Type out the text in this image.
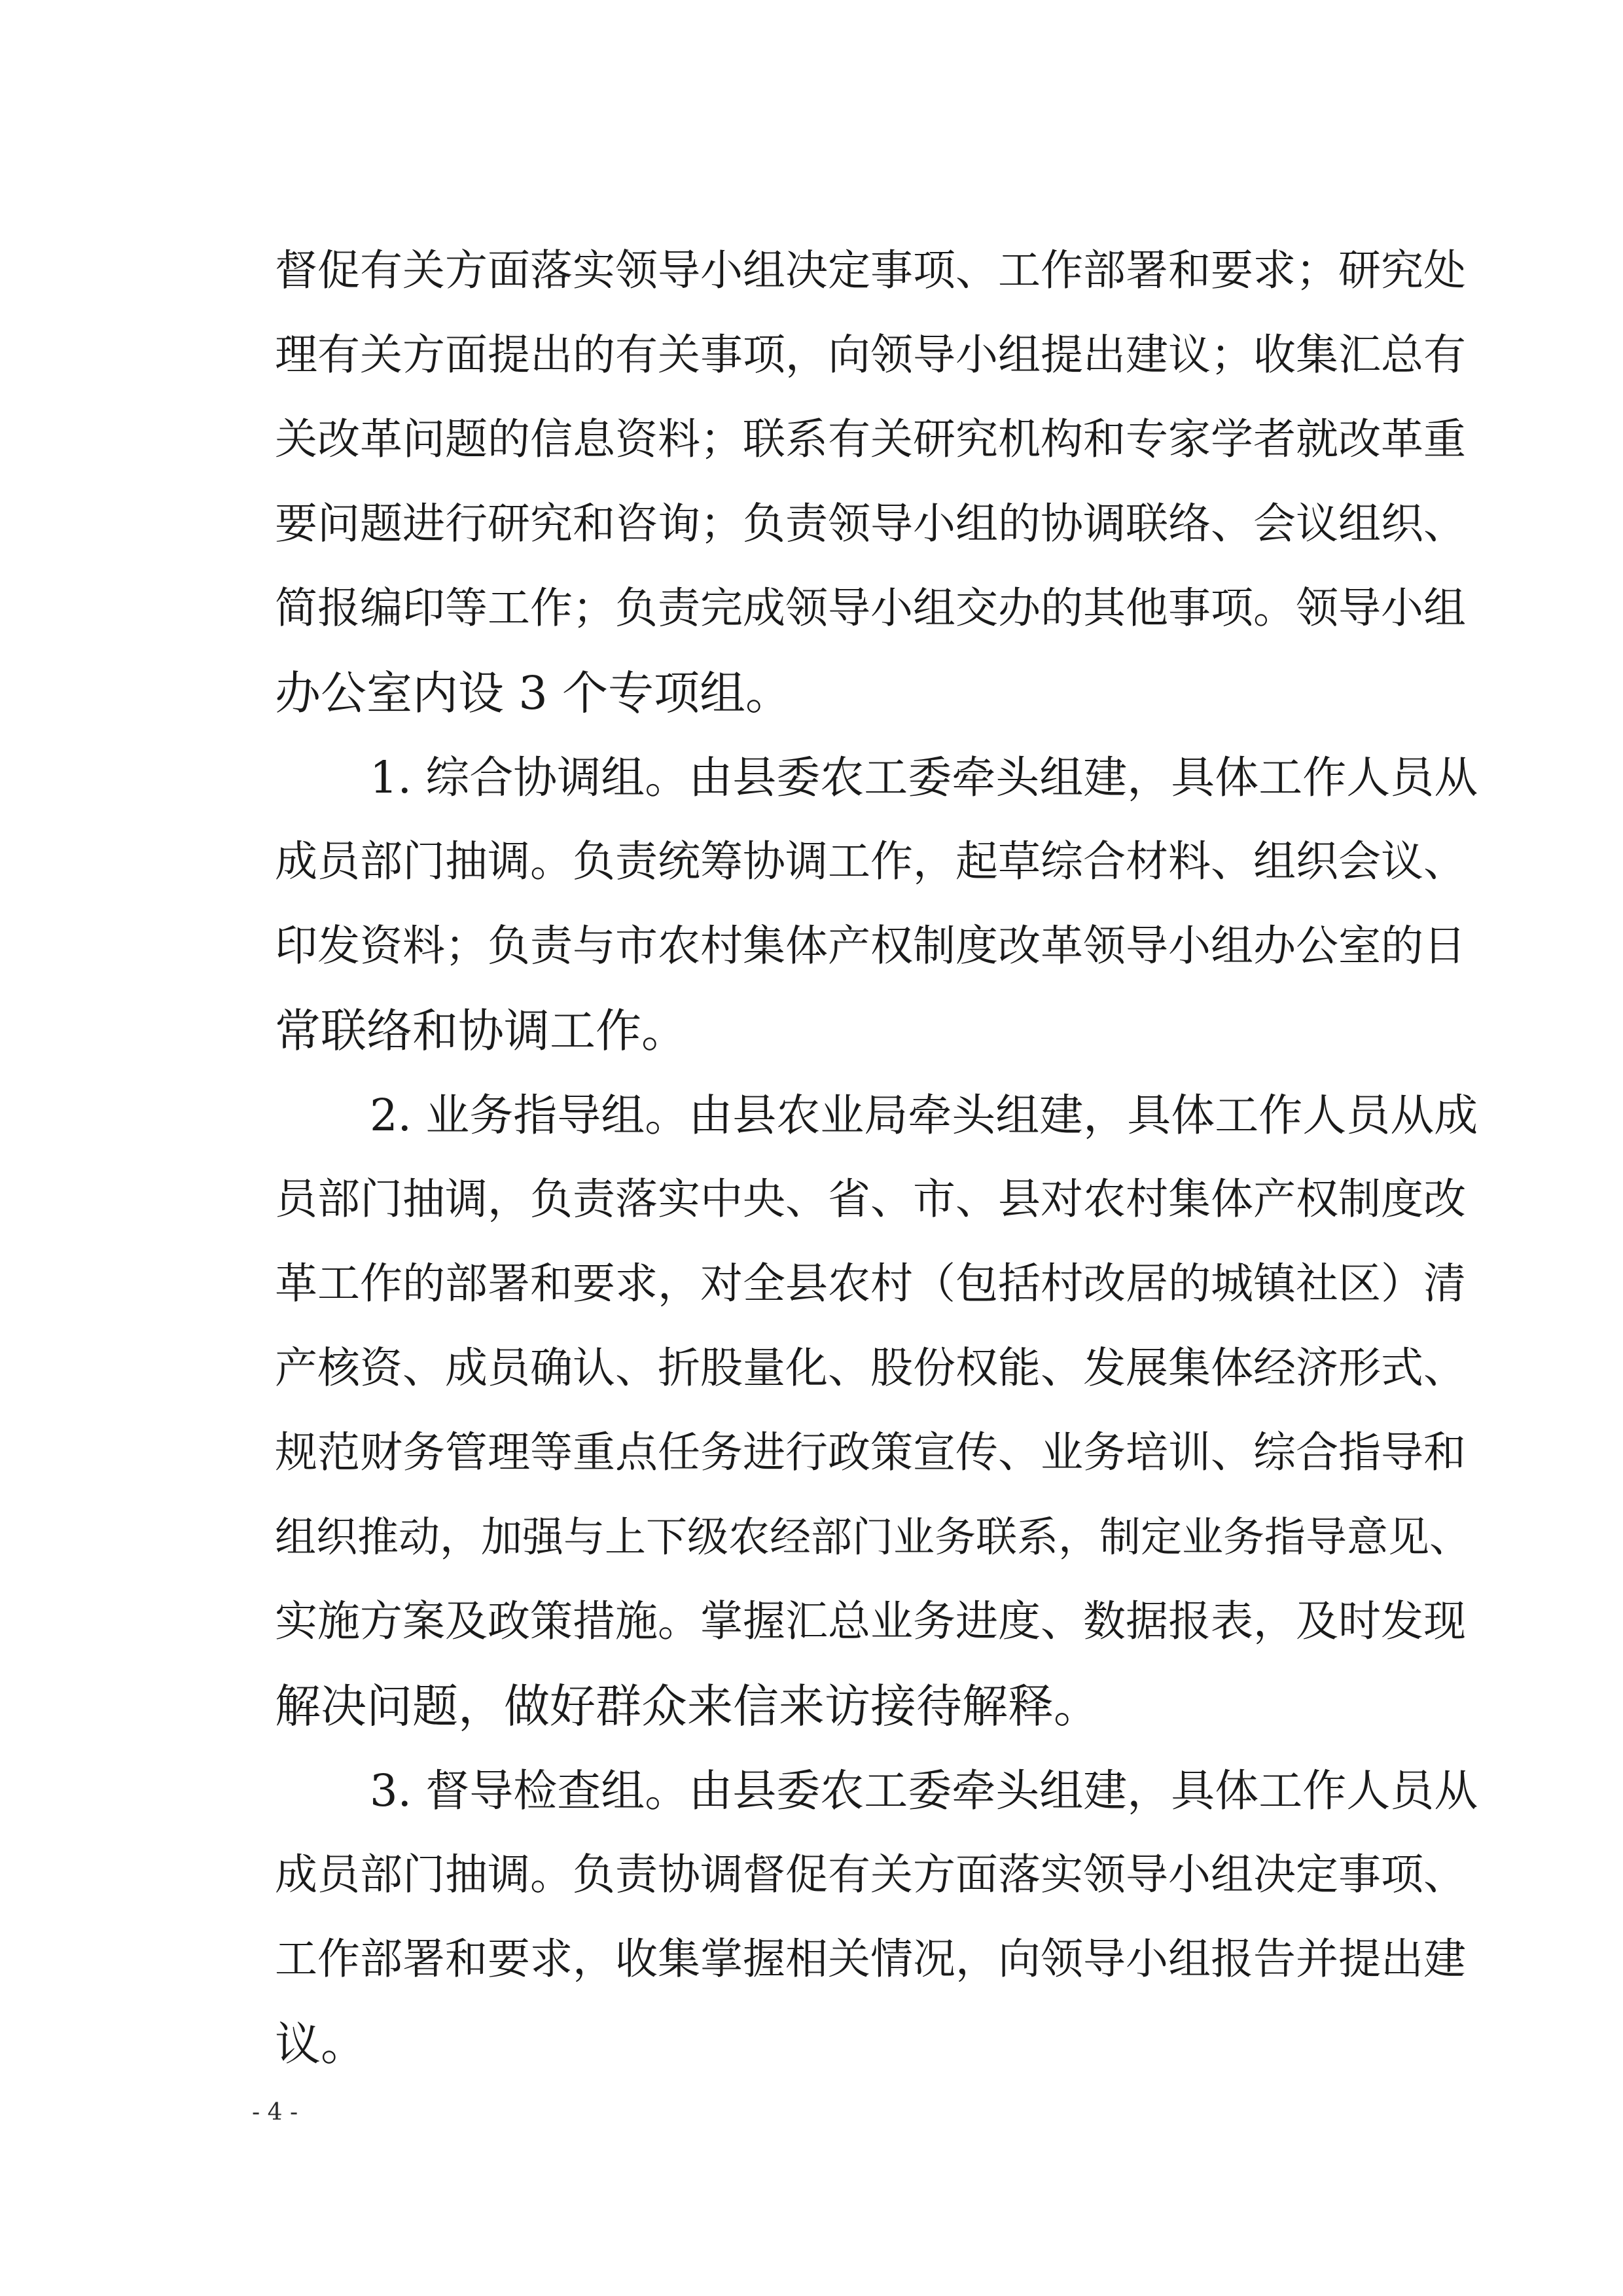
督促有关方面落实领导小组决定事项、工作部署和要求；研究处
理有关方面提出的有关事项，向领导小组提出建议；收集汇总有
关改革问题的信息资料；联系有关研究机构和专家学者就改革重
要问题进行研究和咨询；负责领导小组的协调联络、会议组织、
简报编印等工作；负责完成领导小组交办的其他事项。领导小组
办公室内设 3 个专项组。
1. 综合协调组。由县委农工委牵头组建，具体工作人员从
成员部门抽调。负责统筹协调工作，起草综合材料、组织会议、
印发资料；负责与市农村集体产权制度改革领导小组办公室的日
常联络和协调工作。
2. 业务指导组。由县农业局牵头组建，具体工作人员从成
员部门抽调，负责落实中央、省、市、县对农村集体产权制度改
革工作的部署和要求，对全县农村（包括村改居的城镇社区）清
产核资、成员确认、折股量化、股份权能、发展集体经济形式、
规范财务管理等重点任务进行政策宣传、业务培训、综合指导和
组织推动，加强与上下级农经部门业务联系，制定业务指导意见、
实施方案及政策措施。掌握汇总业务进度、数据报表，及时发现
解决问题，做好群众来信来访接待解释。
3. 督导检查组。由县委农工委牵头组建，具体工作人员从
成员部门抽调。负责协调督促有关方面落实领导小组决定事项、
工作部署和要求，收集掌握相关情况，向领导小组报告并提出建
议。
- 4 -
